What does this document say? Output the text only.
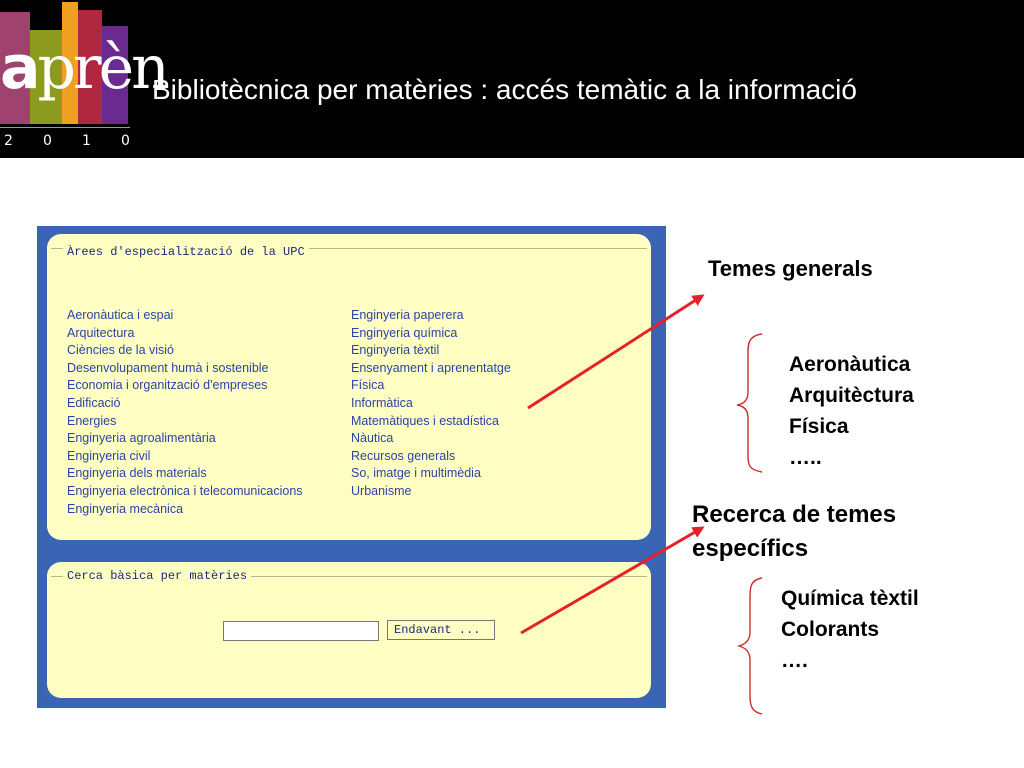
aprèn
2 0 1 0
Bibliotècnica per matèries : accés temàtic a la informació
Àrees d'especialització de la UPC
Aeronàutica i espai
Arquitectura
Ciències de la visió
Desenvolupament humà i sostenible
Economia i organització d'empreses
Edificació
Energies
Enginyeria agroalimentària
Enginyeria civil
Enginyeria dels materials
Enginyeria electrònica i telecomunicacions
Enginyeria mecànica
Enginyeria paperera
Enginyeria química
Enginyeria tèxtil
Ensenyament i aprenentatge
Física
Informàtica
Matemàtiques i estadística
Nàutica
Recursos generals
So, imatge i multimèdia
Urbanisme
Cerca bàsica per matèries
Endavant ...
Temes generals
Aeronàutica
Arquitèctura
Física
…..
Recerca de temes
específics
Química tèxtil
Colorants
….
